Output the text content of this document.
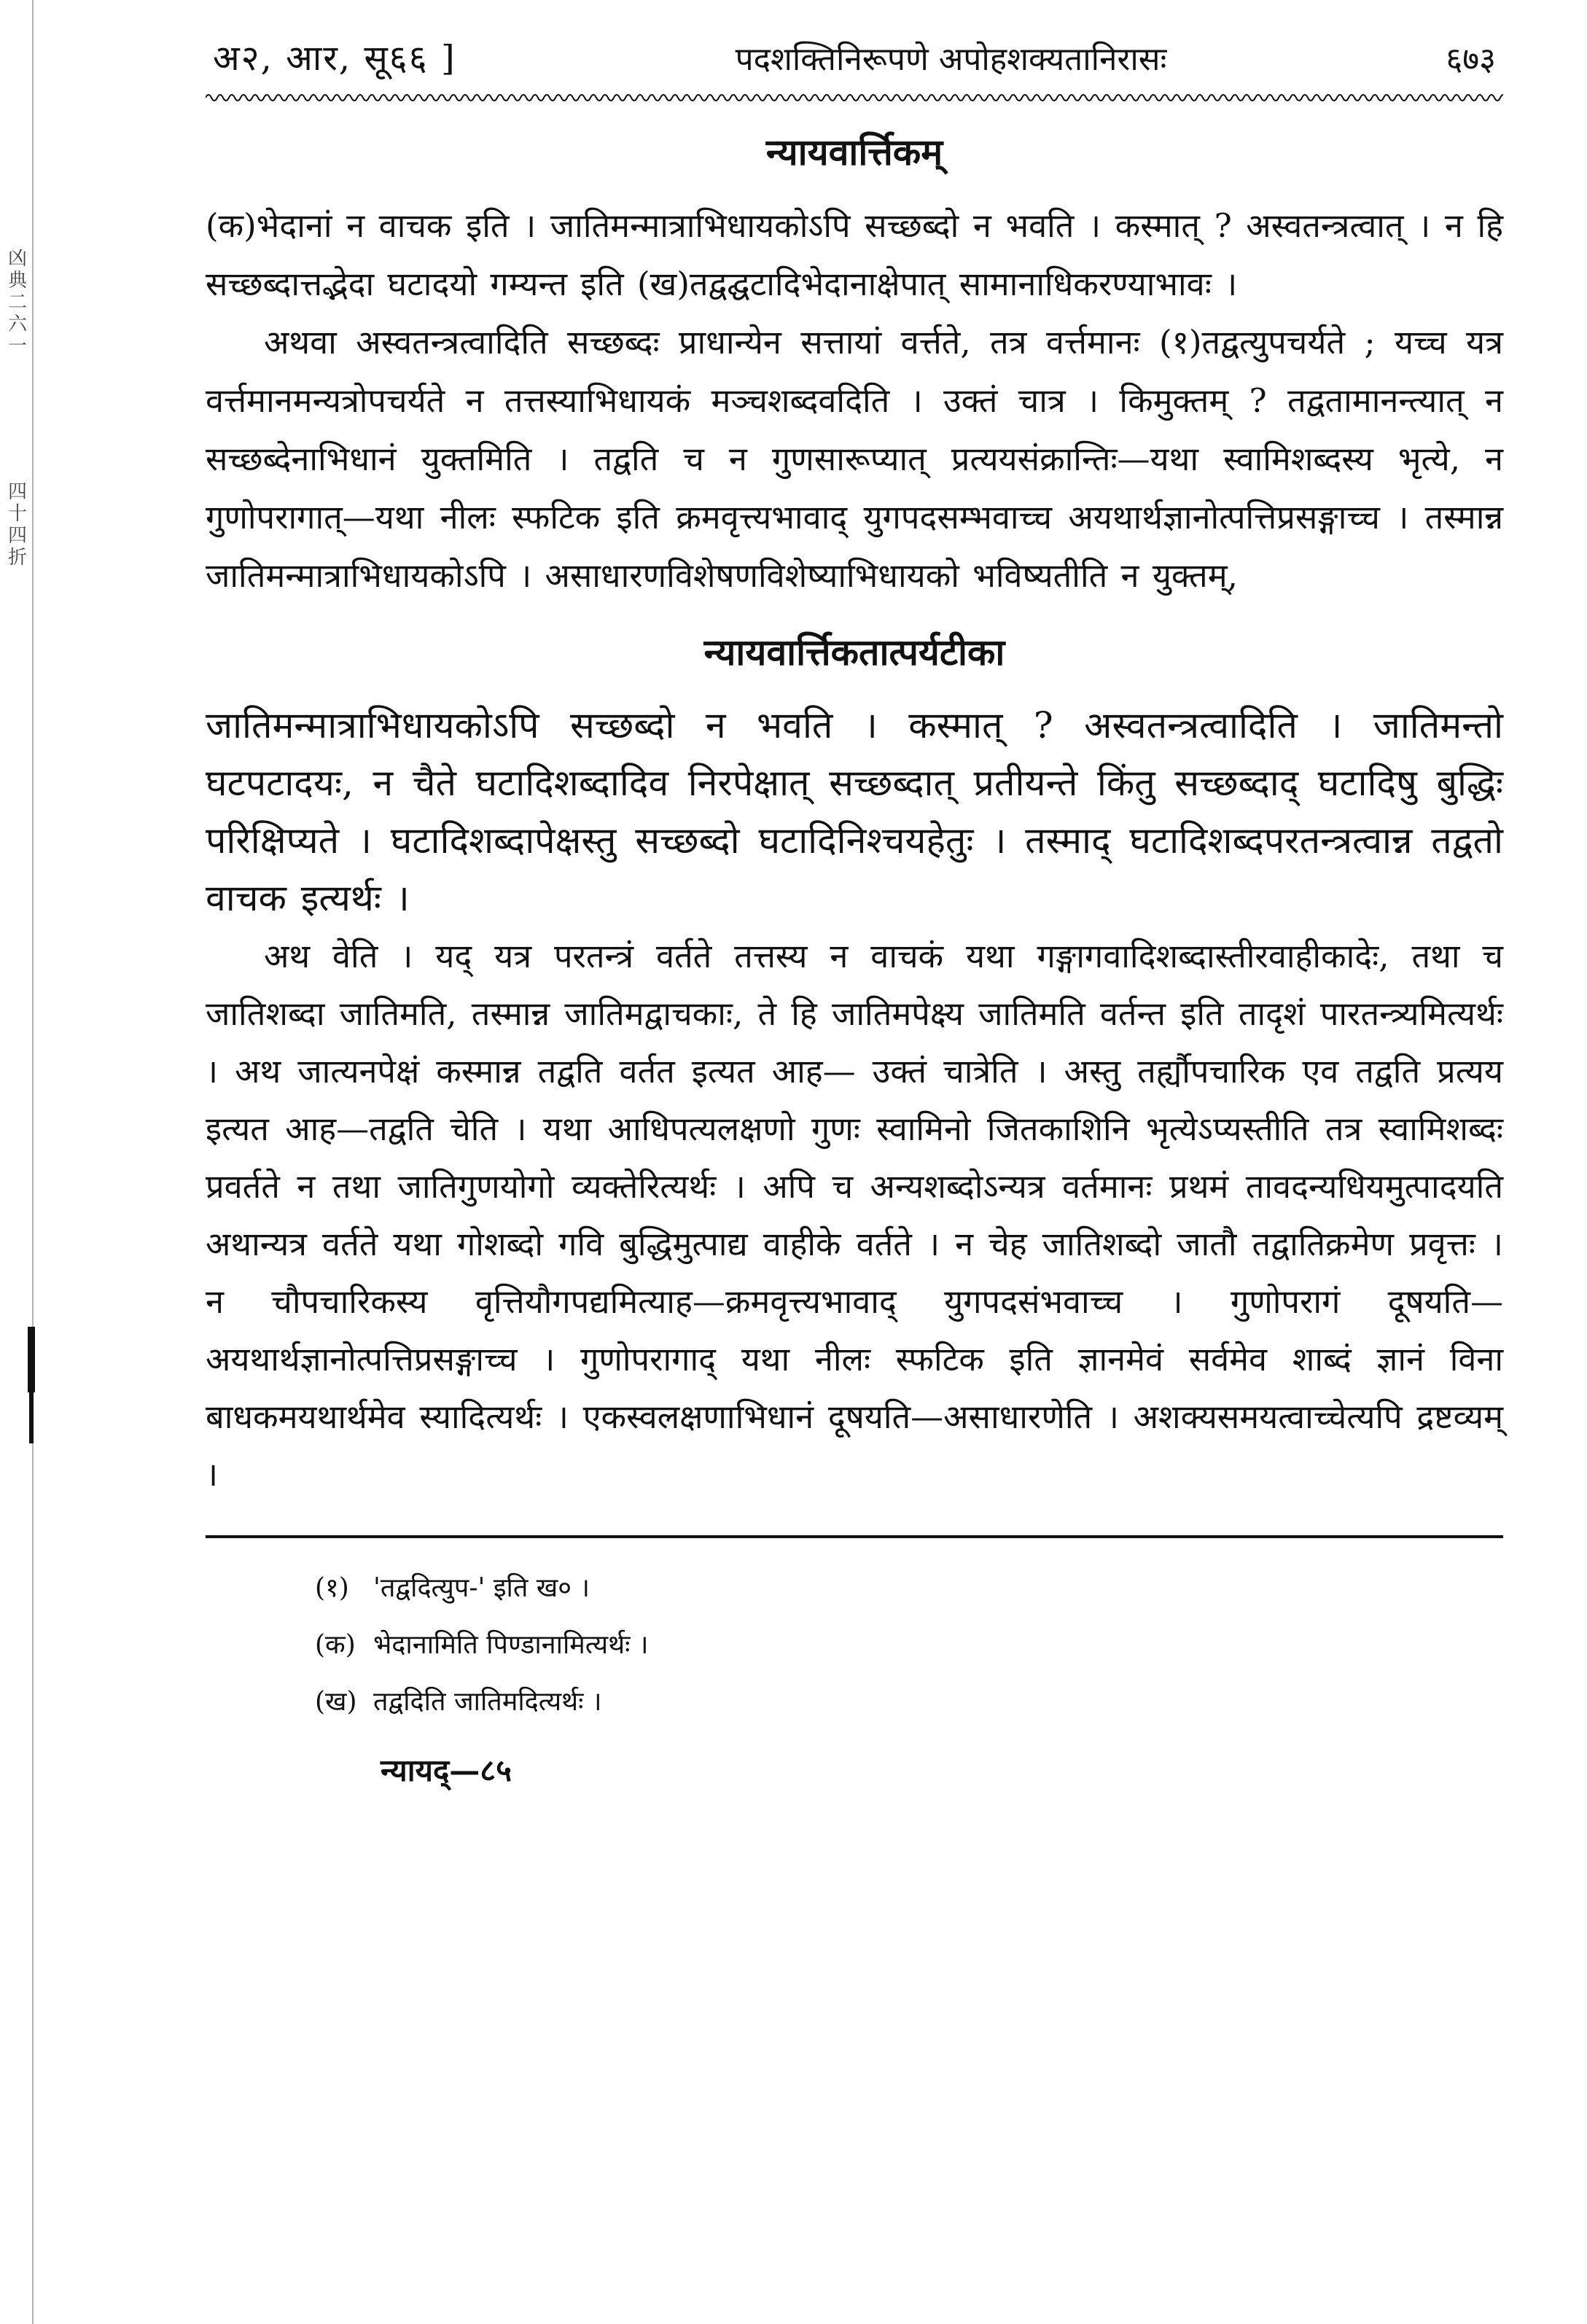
凶典 二六一
四十四折
अ२, आर, सू६६ ]	पदशक्तिनिरूपणे अपोहशक्यतानिरासः	६७३
न्यायवार्त्तिकम्

(क)भेदानां न वाचक इति । जातिमन्मात्राभिधायकोऽपि सच्छब्दो न भवति । कस्मात् ? अस्वतन्त्रत्वात् । न हि सच्छब्दात्तद्भेदा घटादयो गम्यन्त इति (ख)तद्वद्घटादिभेदानाक्षेपात् सामानाधिकरण्याभावः ।

अथवा अस्वतन्त्रत्वादिति सच्छब्दः प्राधान्येन सत्तायां वर्त्तते, तत्र वर्त्तमानः (१)तद्वत्युपचर्यते ; यच्च यत्र वर्त्तमानमन्यत्रोपचर्यते न तत्तस्याभिधायकं मञ्चशब्दवदिति । उक्तं चात्र । किमुक्तम् ? तद्वतामानन्त्यात् न सच्छब्देनाभिधानं युक्तमिति । तद्वति च न गुणसारूप्यात् प्रत्ययसंक्रान्तिः—यथा स्वामिशब्दस्य भृत्ये, न गुणोपरागात्—यथा नीलः स्फटिक इति क्रमवृत्त्यभावाद् युगपदसम्भवाच्च अयथार्थज्ञानोत्पत्तिप्रसङ्गाच्च । तस्मान्न जातिमन्मात्राभिधायकोऽपि । असाधारणविशेषणविशेष्याभिधायको भविष्यतीति न युक्तम्,

न्यायवार्त्तिकतात्पर्यटीका

जातिमन्मात्राभिधायकोऽपि सच्छब्दो न भवति । कस्मात् ? अस्वतन्त्रत्वादिति । जातिमन्तो घटपटादयः, न चैते घटादिशब्दादिव निरपेक्षात् सच्छब्दात् प्रतीयन्ते किंतु सच्छब्दाद् घटादिषु बुद्धिः परिक्षिप्यते । घटादिशब्दापेक्षस्तु सच्छब्दो घटादिनिश्चयहेतुः । तस्माद् घटादिशब्दपरतन्त्रत्वान्न तद्वतो वाचक इत्यर्थः ।

अथ वेति । यद् यत्र परतन्त्रं वर्तते तत्तस्य न वाचकं यथा गङ्गागवादिशब्दास्तीरवाहीकादेः, तथा च जातिशब्दा जातिमति, तस्मान्न जातिमद्वाचकाः, ते हि जातिमपेक्ष्य जातिमति वर्तन्त इति तादृशं पारतन्त्र्यमित्यर्थः । अथ जात्यनपेक्षं कस्मान्न तद्वति वर्तत इत्यत आह— उक्तं चात्रेति । अस्तु तर्ह्यौपचारिक एव तद्वति प्रत्यय इत्यत आह—तद्वति चेति । यथा आधिपत्यलक्षणो गुणः स्वामिनो जितकाशिनि भृत्येऽप्यस्तीति तत्र स्वामिशब्दः प्रवर्तते न तथा जातिगुणयोगो व्यक्तेरित्यर्थः । अपि च अन्यशब्दोऽन्यत्र वर्तमानः प्रथमं तावदन्यधियमुत्पादयति अथान्यत्र वर्तते यथा गोशब्दो गवि बुद्धिमुत्पाद्य वाहीके वर्तते । न चेह जातिशब्दो जातौ तद्वातिक्रमेण प्रवृत्तः । न चौपचारिकस्य वृत्तियौगपद्यमित्याह—क्रमवृत्त्यभावाद् युगपदसंभवाच्च । गुणोपरागं दूषयति—अयथार्थज्ञानोत्पत्तिप्रसङ्गाच्च । गुणोपरागाद् यथा नीलः स्फटिक इति ज्ञानमेवं सर्वमेव शाब्दं ज्ञानं विना बाधकमयथार्थमेव स्यादित्यर्थः । एकस्वलक्षणाभिधानं दूषयति—असाधारणेति । अशक्यसमयत्वाच्चेत्यपि द्रष्टव्यम् ।

(१) 'तद्वदित्युप-' इति ख० ।
(क) भेदानामिति पिण्डानामित्यर्थः ।
(ख) तद्वदिति जातिमदित्यर्थः ।
न्यायद्—८५
